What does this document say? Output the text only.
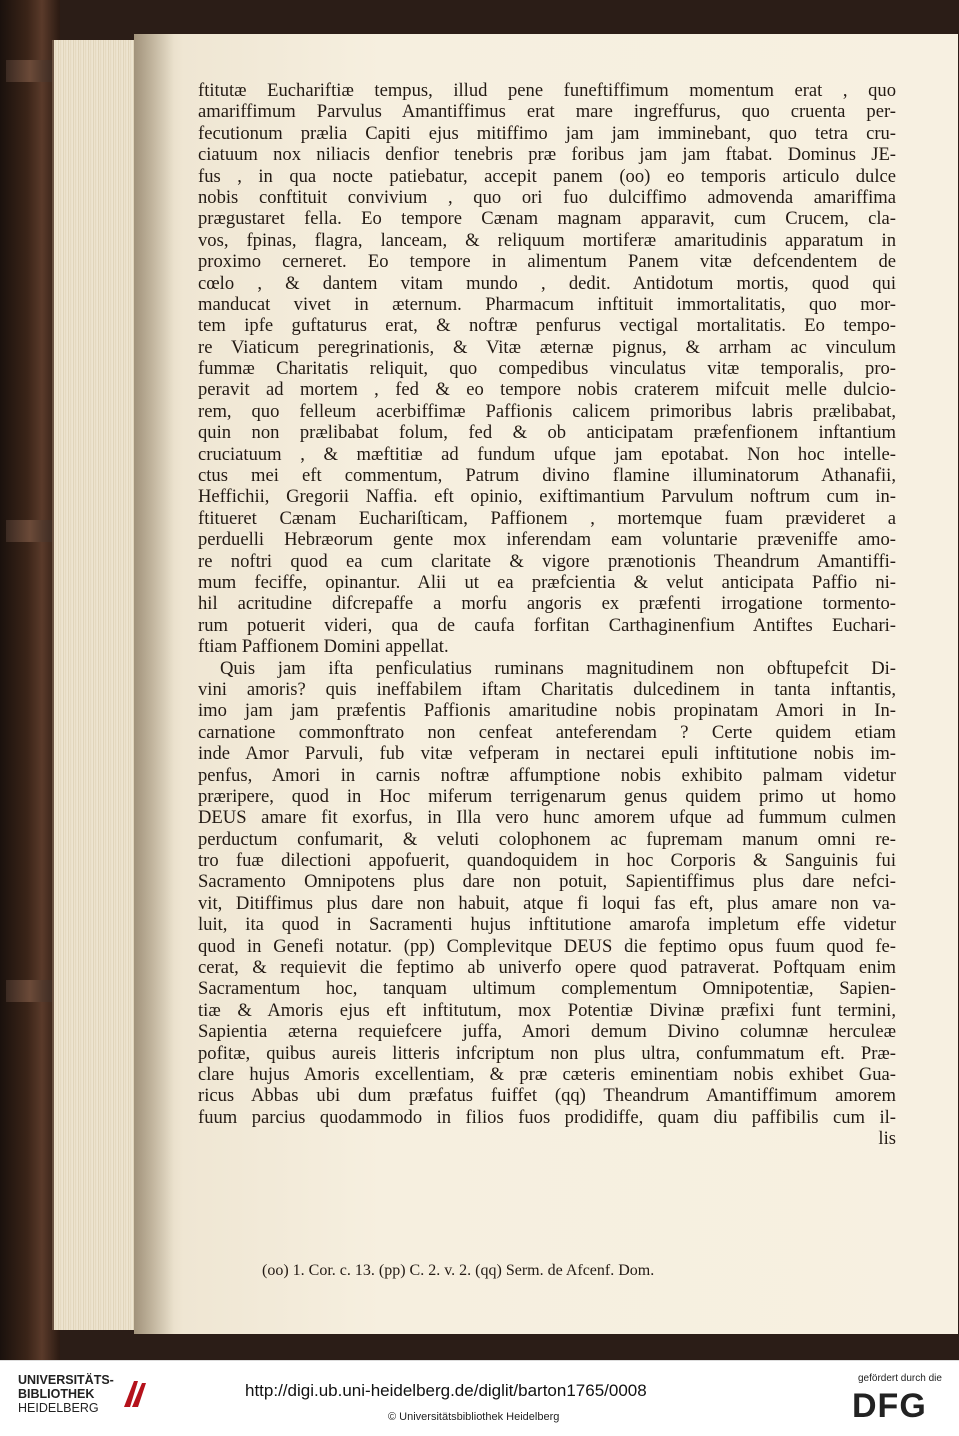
ftitutæ Euchariftiæ tempus, illud pene funeftiffimum momentum erat , quo
amariffimum Parvulus Amantiffimus erat mare ingreffurus, quo cruenta per-
fecutionum prælia Capiti ejus mitiffimo jam jam imminebant, quo tetra cru-
ciatuum nox niliacis denfior tenebris præ foribus jam jam ftabat. Dominus JE-
fus , in qua nocte patiebatur, accepit panem (oo) eo temporis articulo dulce
nobis conftituit convivium , quo ori fuo dulciffimo admovenda amariffima
prægustaret fella. Eo tempore Cænam magnam apparavit, cum Crucem, cla-
vos, fpinas, flagra, lanceam, & reliquum mortiferæ amaritudinis apparatum in
proximo cerneret. Eo tempore in alimentum Panem vitæ defcendentem de
cœlo , & dantem vitam mundo , dedit. Antidotum mortis, quod qui
manducat vivet in æternum. Pharmacum inftituit immortalitatis, quo mor-
tem ipfe guftaturus erat, & noftræ penfurus vectigal mortalitatis. Eo tempo-
re Viaticum peregrinationis, & Vitæ æternæ pignus, & arrham ac vinculum
fummæ Charitatis reliquit, quo compedibus vinculatus vitæ temporalis, pro-
peravit ad mortem , fed & eo tempore nobis craterem mifcuit melle dulcio-
rem, quo felleum acerbiffimæ Paffionis calicem primoribus labris prælibabat,
quin non prælibabat folum, fed & ob anticipatam præfenfionem inftantium
cruciatuum , & mæftitiæ ad fundum ufque jam epotabat. Non hoc intelle-
ctus mei eft commentum, Patrum divino flamine illuminatorum Athanafii,
Heffichii, Gregorii Naffia. eft opinio, exiftimantium Parvulum noftrum cum in-
ftitueret Cænam Euchariſticam, Paffionem , mortemque fuam prævideret a
perduelli Hebræorum gente mox inferendam eam voluntarie præveniffe amo-
re noftri quod ea cum claritate & vigore prænotionis Theandrum Amantiffi-
mum feciffe, opinantur. Alii ut ea præfcientia & velut anticipata Paffio ni-
hil acritudine difcrepaffe a morfu angoris ex præfenti irrogatione tormento-
rum potuerit videri, qua de caufa forfitan Carthaginenfium Antiftes Euchari-
ftiam Paffionem Domini appellat.
Quis jam ifta penficulatius ruminans magnitudinem non obftupefcit Di-
vini amoris? quis ineffabilem iftam Charitatis dulcedinem in tanta inftantis,
imo jam jam præfentis Paffionis amaritudine nobis propinatam Amori in In-
carnatione commonftrato non cenfeat anteferendam ? Certe quidem etiam
inde Amor Parvuli, fub vitæ vefperam in nectarei epuli inftitutione nobis im-
penfus, Amori in carnis noftræ affumptione nobis exhibito palmam videtur
præripere, quod in Hoc miferum terrigenarum genus quidem primo ut homo
DEUS amare fit exorfus, in Illa vero hunc amorem ufque ad fummum culmen
perductum confumarit, & veluti colophonem ac fupremam manum omni re-
tro fuæ dilectioni appofuerit, quandoquidem in hoc Corporis & Sanguinis fui
Sacramento Omnipotens plus dare non potuit, Sapientiffimus plus dare nefci-
vit, Ditiffimus plus dare non habuit, atque fi loqui fas eft, plus amare non va-
luit, ita quod in Sacramenti hujus inftitutione amarofa impletum effe videtur
quod in Genefi notatur. (pp) Complevitque DEUS die feptimo opus fuum quod fe-
cerat, & requievit die feptimo ab univerfo opere quod patraverat. Poftquam enim
Sacramentum hoc, tanquam ultimum complementum Omnipotentiæ, Sapien-
tiæ & Amoris ejus eft inftitutum, mox Potentiæ Divinæ præfixi funt termini,
Sapientia æterna requiefcere juffa, Amori demum Divino columnæ herculeæ
pofitæ, quibus aureis litteris infcriptum non plus ultra, confummatum eft. Præ-
clare hujus Amoris excellentiam, & præ cæteris eminentiam nobis exhibet Gua-
ricus Abbas ubi dum præfatus fuiffet (qq) Theandrum Amantiffimum amorem
fuum parcius quodammodo in filios fuos prodidiffe, quam diu paffibilis cum il-
lis
(oo) 1. Cor. c. 13. (pp) C. 2. v. 2. (qq) Serm. de Afcenf. Dom.
UNIVERSITÄTS-
BIBLIOTHEK
HEIDELBERG
http://digi.ub.uni-heidelberg.de/diglit/barton1765/0008
© Universitätsbibliothek Heidelberg
gefördert durch die
DFG
